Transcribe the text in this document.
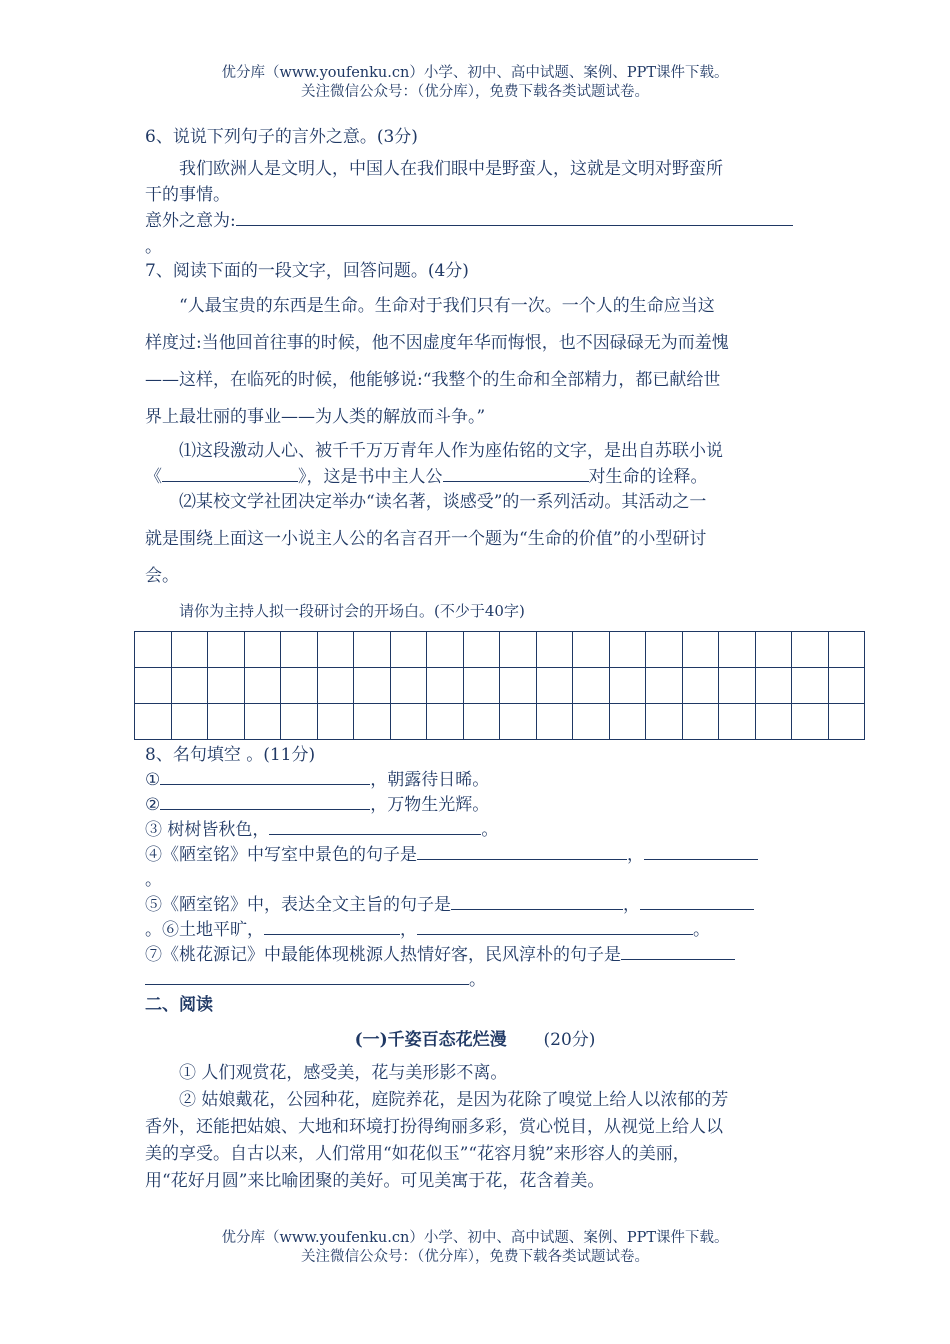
优分库（www.youfenku.cn）小学、初中、高中试题、案例、PPT课件下载。
关注微信公众号：（优分库），免费下载各类试题试卷。
6、说说下列句子的言外之意。(3分)
我们欧洲人是文明人，中国人在我们眼中是野蛮人，这就是文明对野蛮所
干的事情。
意外之意为:
。
7、阅读下面的一段文字，回答问题。(4分)
“人最宝贵的东西是生命。生命对于我们只有一次。一个人的生命应当这
样度过:当他回首往事的时候，他不因虚度年华而悔恨，也不因碌碌无为而羞愧
——这样，在临死的时候，他能够说:“我整个的生命和全部精力，都已献给世
界上最壮丽的事业——为人类的解放而斗争。”
⑴这段激动人心、被千千万万青年人作为座佑铭的文字，是出自苏联小说
《	》，这是书中主人公	对生命的诠释。
⑵某校文学社团决定举办“读名著，谈感受”的一系列活动。其活动之一
就是围绕上面这一小说主人公的名言召开一个题为“生命的价值”的小型研讨
会。
请你为主持人拟一段研讨会的开场白。(不少于40字)

8、名句填空 。(11分)
①	，朝露待日晞。
②	，万物生光辉。
③ 树树皆秋色，	。
④《陋室铭》中写室中景色的句子是	，
。
⑤《陋室铭》中，表达全文主旨的句子是	，
。⑥土地平旷，	，	。
⑦《桃花源记》中最能体现桃源人热情好客，民风淳朴的句子是
。
二、阅读
(一)千姿百态花烂漫 (20分)
① 人们观赏花，感受美，花与美形影不离。
② 姑娘戴花，公园种花，庭院养花，是因为花除了嗅觉上给人以浓郁的芳
香外，还能把姑娘、大地和环境打扮得绚丽多彩，赏心悦目，从视觉上给人以
美的享受。自古以来，人们常用“如花似玉”“花容月貌”来形容人的美丽，
用“花好月圆”来比喻团聚的美好。可见美寓于花，花含着美。
优分库（www.youfenku.cn）小学、初中、高中试题、案例、PPT课件下载。
关注微信公众号：（优分库），免费下载各类试题试卷。
